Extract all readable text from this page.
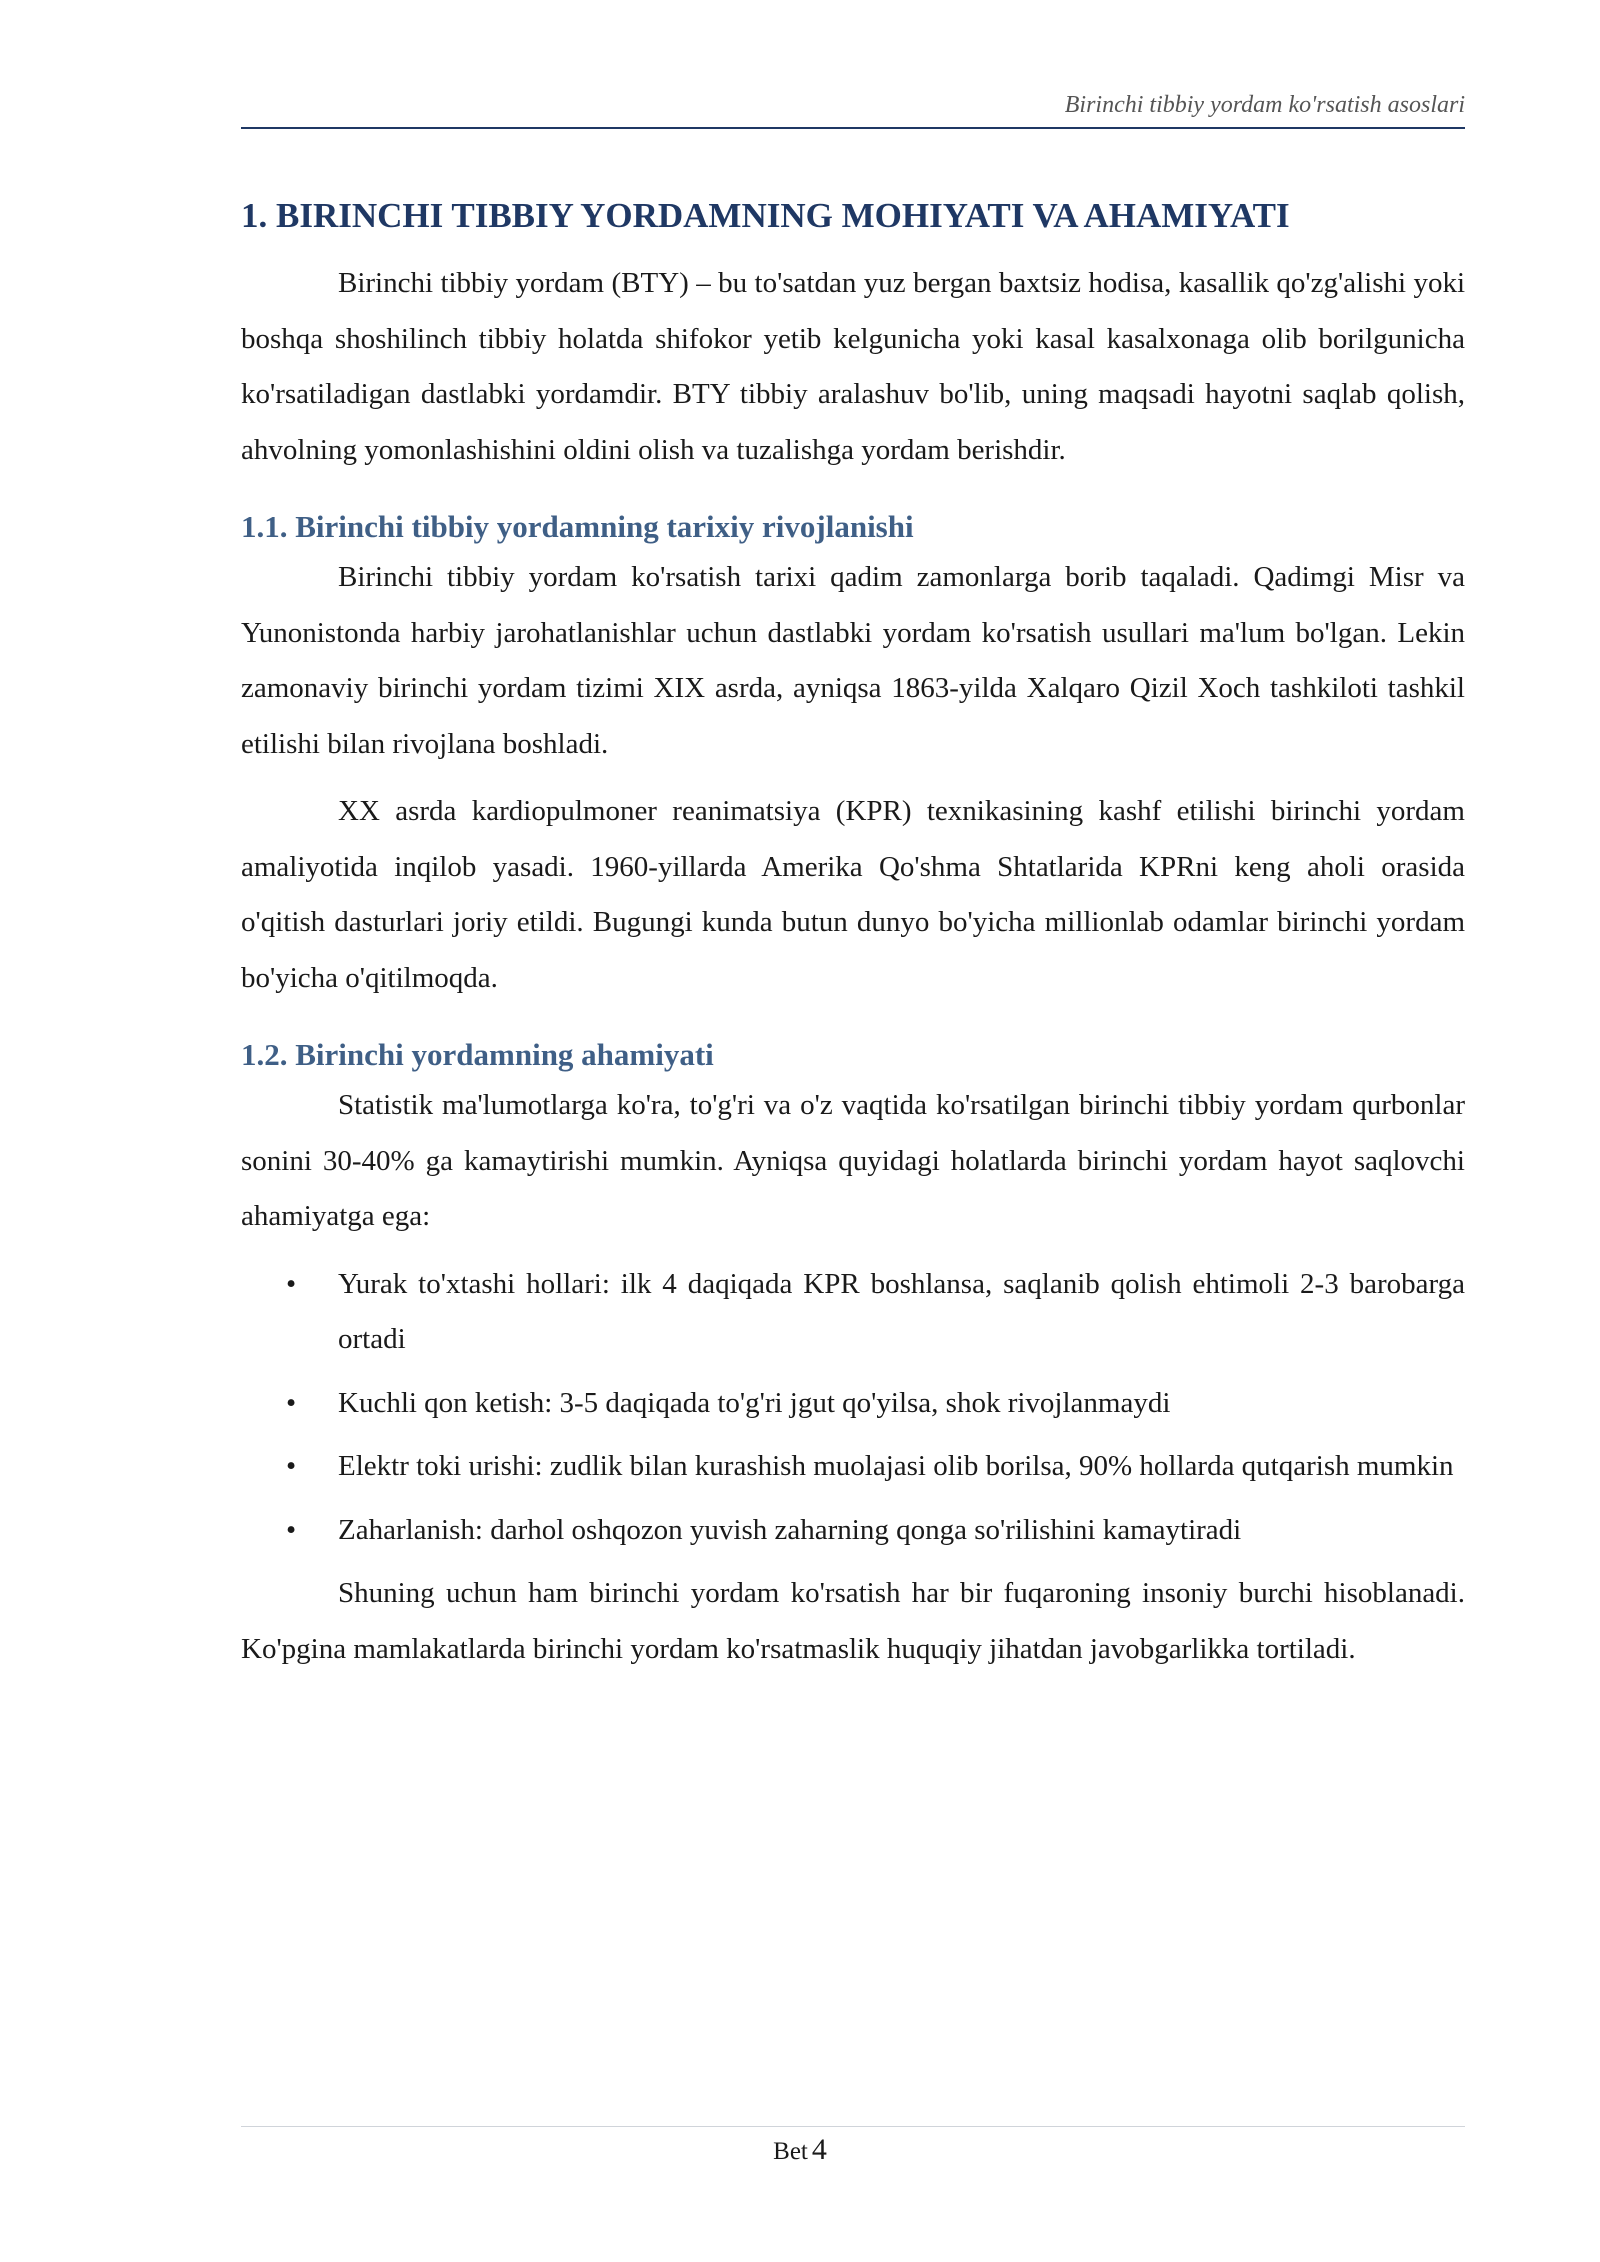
Birinchi tibbiy yordam ko'rsatish asoslari
1. BIRINCHI TIBBIY YORDAMNING MOHIYATI VA AHAMIYATI

Birinchi tibbiy yordam (BTY) – bu to'satdan yuz bergan baxtsiz hodisa, kasallik qo'zg'alishi yoki boshqa shoshilinch tibbiy holatda shifokor yetib kelgunicha yoki kasal kasalxonaga olib borilgunicha ko'rsatiladigan dastlabki yordamdir. BTY tibbiy aralashuv bo'lib, uning maqsadi hayotni saqlab qolish, ahvolning yomonlashishini oldini olish va tuzalishga yordam berishdir.

1.1. Birinchi tibbiy yordamning tarixiy rivojlanishi

Birinchi tibbiy yordam ko'rsatish tarixi qadim zamonlarga borib taqaladi. Qadimgi Misr va Yunonistonda harbiy jarohatlanishlar uchun dastlabki yordam ko'rsatish usullari ma'lum bo'lgan. Lekin zamonaviy birinchi yordam tizimi XIX asrda, ayniqsa 1863-yilda Xalqaro Qizil Xoch tashkiloti tashkil etilishi bilan rivojlana boshladi.

XX asrda kardiopulmoner reanimatsiya (KPR) texnikasining kashf etilishi birinchi yordam amaliyotida inqilob yasadi. 1960-yillarda Amerika Qo'shma Shtatlarida KPRni keng aholi orasida o'qitish dasturlari joriy etildi. Bugungi kunda butun dunyo bo'yicha millionlab odamlar birinchi yordam bo'yicha o'qitilmoqda.

1.2. Birinchi yordamning ahamiyati

Statistik ma'lumotlarga ko'ra, to'g'ri va o'z vaqtida ko'rsatilgan birinchi tibbiy yordam qurbonlar sonini 30-40% ga kamaytirishi mumkin. Ayniqsa quyidagi holatlarda birinchi yordam hayot saqlovchi ahamiyatga ega:

• Yurak to'xtashi hollari: ilk 4 daqiqada KPR boshlansa, saqlanib qolish ehtimoli 2-3 barobarga ortadi
• Kuchli qon ketish: 3-5 daqiqada to'g'ri jgut qo'yilsa, shok rivojlanmaydi
• Elektr toki urishi: zudlik bilan kurashish muolajasi olib borilsa, 90% hollarda qutqarish mumkin
• Zaharlanish: darhol oshqozon yuvish zaharning qonga so'rilishini kamaytiradi

Shuning uchun ham birinchi yordam ko'rsatish har bir fuqaroning insoniy burchi hisoblanadi. Ko'pgina mamlakatlarda birinchi yordam ko'rsatmaslik huquqiy jihatdan javobgarlikka tortiladi.

Bet 4
